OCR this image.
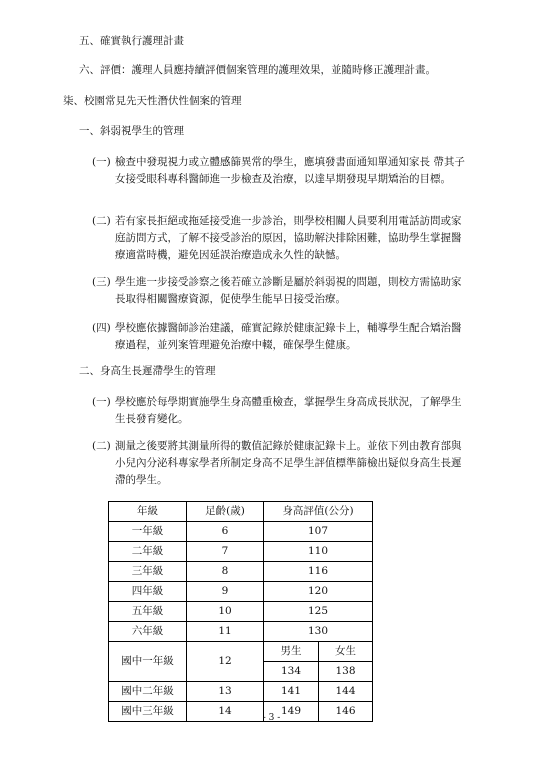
五、確實執行護理計畫

六、評價：護理人員應持續評價個案管理的護理效果，並隨時修正護理計畫。

柒、校園常見先天性潛伏性個案的管理

一、斜弱視學生的管理

(一) 檢查中發現視力或立體感篩異常的學生，應填發書面通知單通知家長 帶其子女接受眼科專科醫師進一步檢查及治療，以達早期發現早期矯治的目標。
(二) 若有家長拒絕或拖延接受進一步診治，則學校相關人員要利用電話訪問或家庭訪問方式，了解不接受診治的原因，協助解決排除困難，協助學生掌握醫療適當時機，避免因延誤治療造成永久性的缺憾。
(三) 學生進一步接受診察之後若確立診斷是屬於斜弱視的問題，則校方需協助家長取得相關醫療資源，促使學生能早日接受治療。
(四) 學校應依據醫師診治建議，確實記錄於健康記錄卡上，輔導學生配合矯治醫療過程，並列案管理避免治療中輟，確保學生健康。

二、身高生長遲滯學生的管理

(一) 學校應於每學期實施學生身高體重檢查，掌握學生身高成長狀況，了解學生生長發育變化。
(二) 測量之後要將其測量所得的數值記錄於健康記錄卡上。並依下列由教育部與小兒內分泌科專家學者所制定身高不足學生評值標準篩檢出疑似身高生長遲滯的學生。
年級	足齡(歲)	身高評值(公分)	
一年級	6	107	
二年級	7	110	
三年級	8	116	
四年級	9	120	
五年級	10	125	
六年級	11	130	
國中一年級	12	男生	女生
		134	138
國中二年級	13	141	144
國中三年級	14	149	146

- 3 -
